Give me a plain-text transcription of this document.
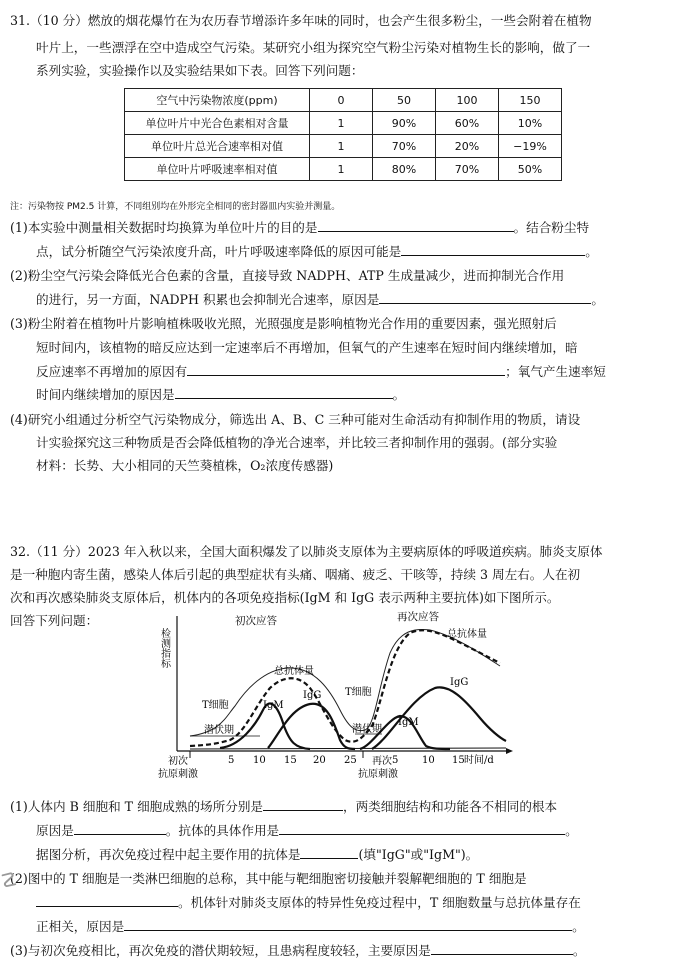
31.（10 分）燃放的烟花爆竹在为农历春节增添许多年味的同时，也会产生很多粉尘，一些会附着在植物

叶片上，一些漂浮在空中造成空气污染。某研究小组为探究空气粉尘污染对植物生长的影响，做了一

系列实验，实验操作以及实验结果如下表。回答下列问题：

空气中污染物浓度(ppm)	0	50	100	150
单位叶片中光合色素相对含量	1	90%	60%	10%
单位叶片总光合速率相对值	1	70%	20%	−19%
单位叶片呼吸速率相对值	1	80%	70%	50%
注：污染物按 PM2.5 计算，不同组别均在外形完全相同的密封器皿内实验并测量。

(1)本实验中测量相关数据时均换算为单位叶片的目的是	。结合粉尘特

点，试分析随空气污染浓度升高，叶片呼吸速率降低的原因可能是	。

(2)粉尘空气污染会降低光合色素的含量，直接导致 NADPH、ATP 生成量减少，进而抑制光合作用

的进行，另一方面，NADPH 积累也会抑制光合速率，原因是	。

(3)粉尘附着在植物叶片影响植株吸收光照，光照强度是影响植物光合作用的重要因素，强光照射后

短时间内，该植物的暗反应达到一定速率后不再增加，但氧气的产生速率在短时间内继续增加，暗

反应速率不再增加的原因有	；氧气产生速率短

时间内继续增加的原因是	。

(4)研究小组通过分析空气污染物成分，筛选出 A、B、C 三种可能对生命活动有抑制作用的物质，请设

计实验探究这三种物质是否会降低植物的净光合速率，并比较三者抑制作用的强弱。(部分实验

材料：长势、大小相同的天竺葵植株，O₂浓度传感器)

32.（11 分）2023 年入秋以来，全国大面积爆发了以肺炎支原体为主要病原体的呼吸道疾病。肺炎支原体

是一种胞内寄生菌，感染人体后引起的典型症状有头痛、咽痛、疲乏、干咳等，持续 3 周左右。人在初

次和再次感染肺炎支原体后，机体内的各项免疫指标(IgM 和 IgG 表示两种主要抗体)如下图所示。

回答下列问题：

检测指标
初次应答	再次应答
总抗体量
总抗体量
T细胞
T细胞
IgM
IgG
IgM
IgG
潜伏期	潜伏期
5 10 15 20 25	5 10 15 时间/d
初次
抗原刺激
再次
抗原刺激

(1)人体内 B 细胞和 T 细胞成熟的场所分别是	，两类细胞结构和功能各不相同的根本

原因是	。抗体的具体作用是	。

据图分析，再次免疫过程中起主要作用的抗体是	(填"IgG"或"IgM")。

(2)图中的 T 细胞是一类淋巴细胞的总称，其中能与靶细胞密切接触并裂解靶细胞的 T 细胞是

。机体针对肺炎支原体的特异性免疫过程中，T 细胞数量与总抗体量存在

正相关，原因是	。

(3)与初次免疫相比，再次免疫的潜伏期较短，且患病程度较轻，主要原因是	。

☡
